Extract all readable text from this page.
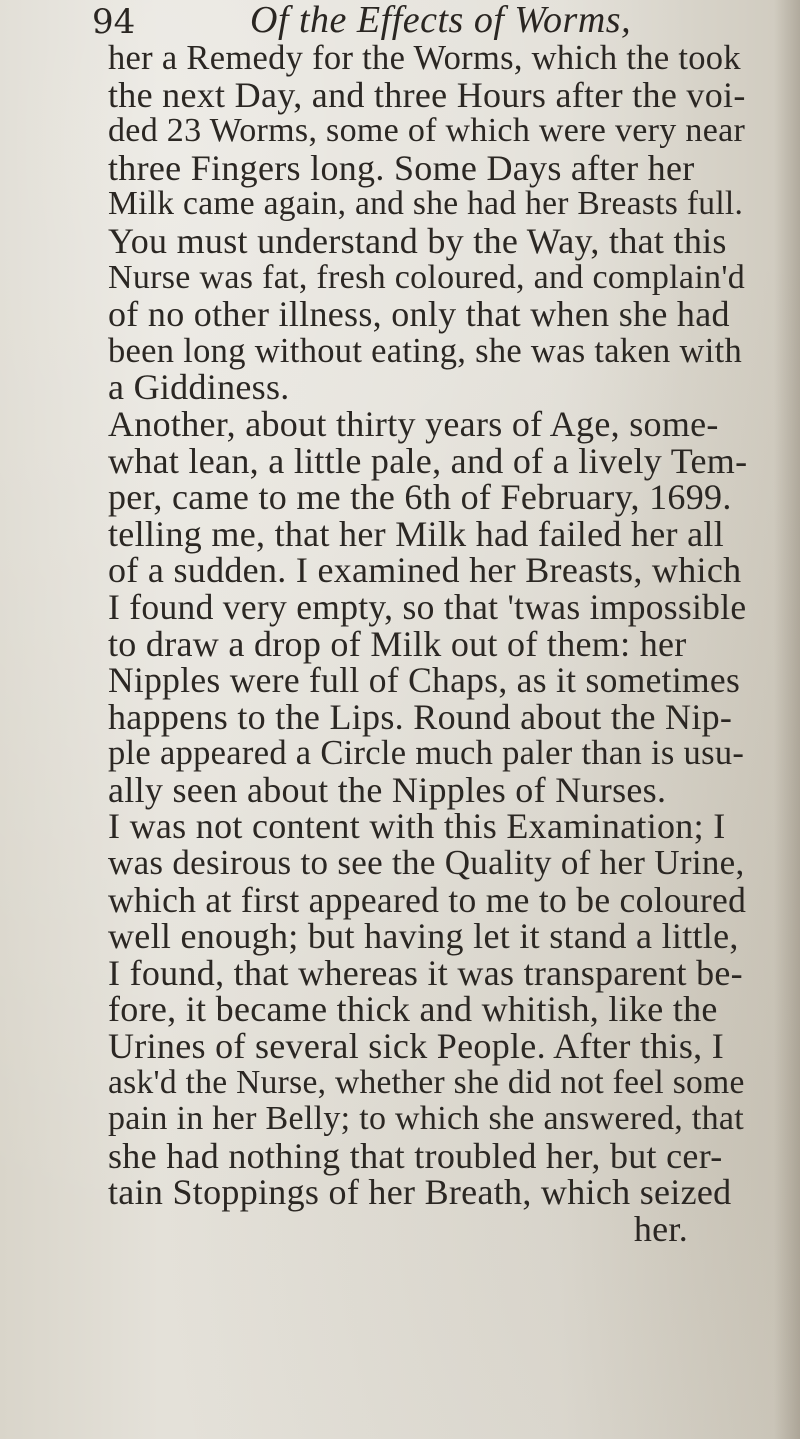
94	Of the Effects of Worms,
her a Remedy for the Worms, which the took
the next Day, and three Hours after the voi-
ded 23 Worms, some of which were very near
three Fingers long. Some Days after her
Milk came again, and she had her Breasts full.
You must understand by the Way, that this
Nurse was fat, fresh coloured, and complain'd
of no other illness, only that when she had
been long without eating, she was taken with
a Giddiness.
Another, about thirty years of Age, some-
what lean, a little pale, and of a lively Tem-
per, came to me the 6th of February, 1699.
telling me, that her Milk had failed her all
of a sudden. I examined her Breasts, which
I found very empty, so that 'twas impossible
to draw a drop of Milk out of them: her
Nipples were full of Chaps, as it sometimes
happens to the Lips. Round about the Nip-
ple appeared a Circle much paler than is usu-
ally seen about the Nipples of Nurses.
I was not content with this Examination; I
was desirous to see the Quality of her Urine,
which at first appeared to me to be coloured
well enough; but having let it stand a little,
I found, that whereas it was transparent be-
fore, it became thick and whitish, like the
Urines of several sick People. After this, I
ask'd the Nurse, whether she did not feel some
pain in her Belly; to which she answered, that
she had nothing that troubled her, but cer-
tain Stoppings of her Breath, which seized
her.
